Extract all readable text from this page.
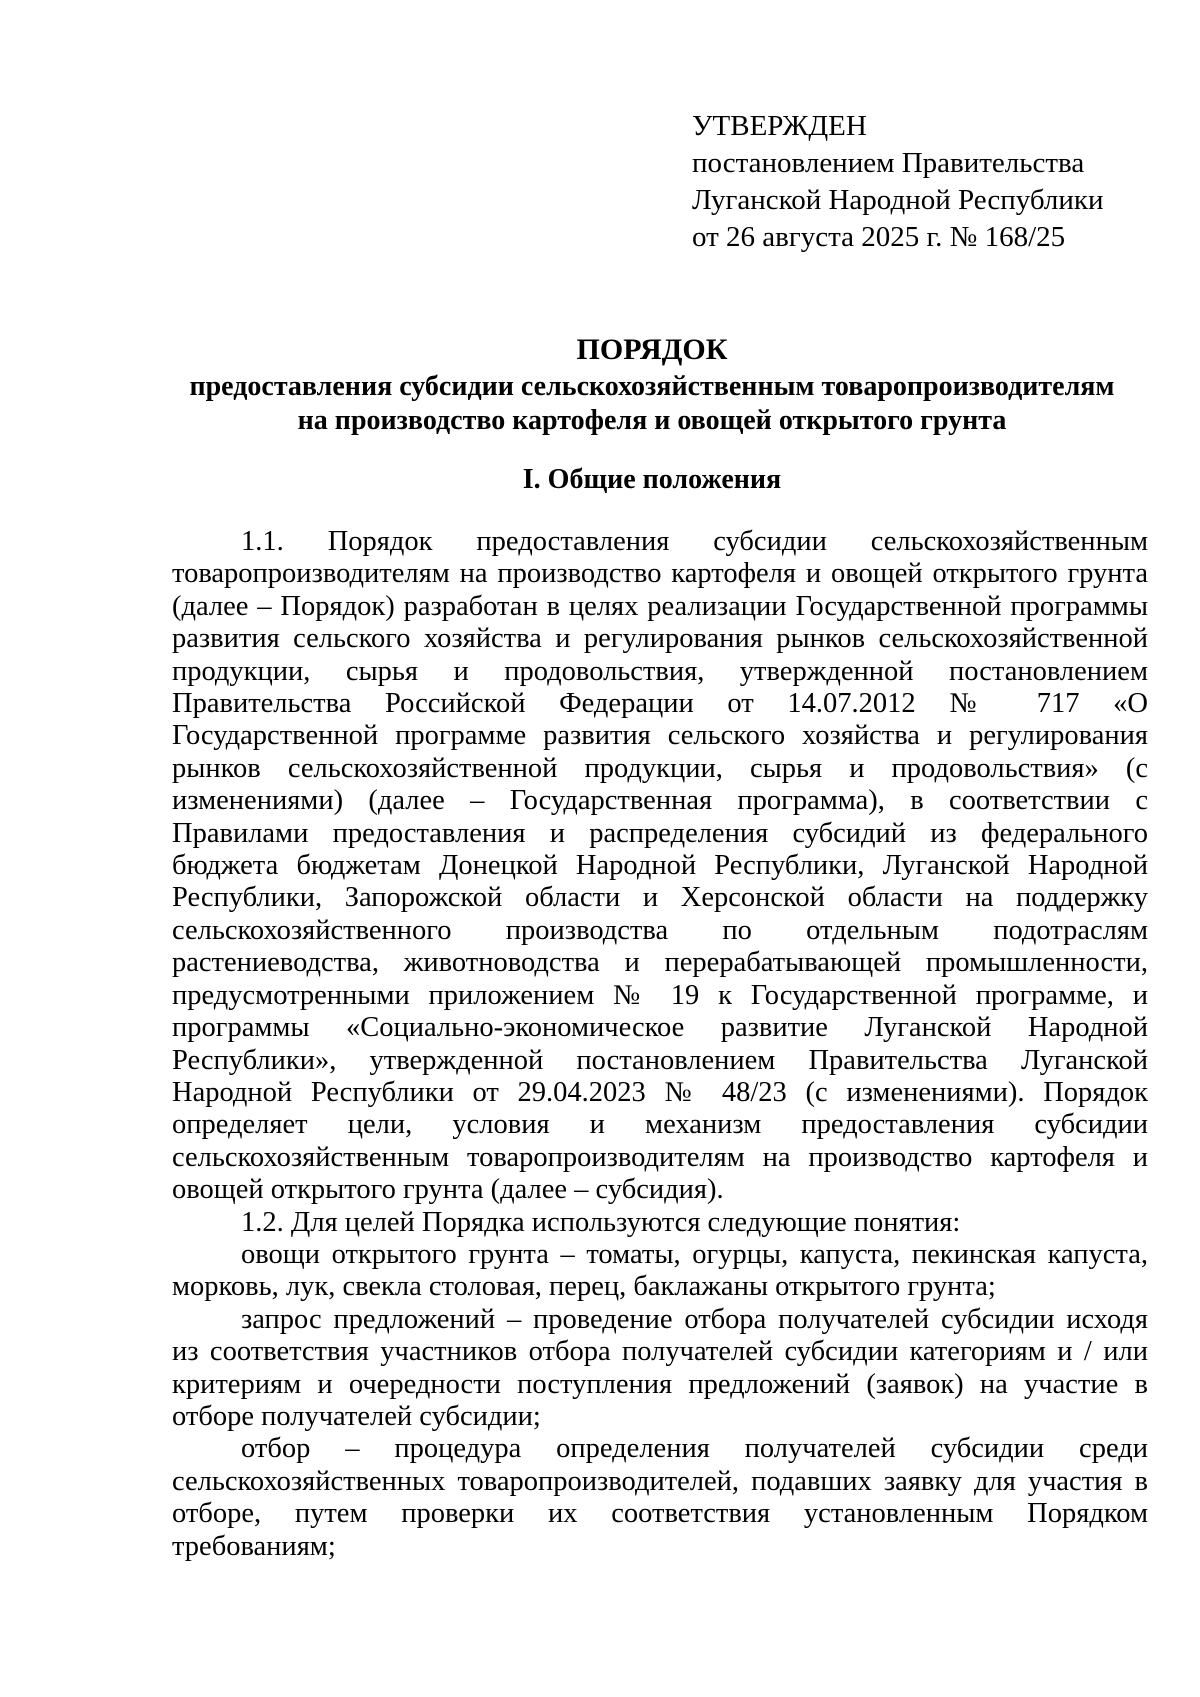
УТВЕРЖДЕН
постановлением Правительства
Луганской Народной Республики
от 26 августа 2025 г. № 168/25
ПОРЯДОК
предоставления субсидии сельскохозяйственным товаропроизводителям
на производство картофеля и овощей открытого грунта
I. Общие положения

1.1. Порядок предоставления субсидии сельскохозяйственным товаропроизводителям на производство картофеля и овощей открытого грунта (далее – Порядок) разработан в целях реализации Государственной программы развития сельского хозяйства и регулирования рынков сельскохозяйственной продукции, сырья и продовольствия, утвержденной постановлением Правительства Российской Федерации от 14.07.2012 № 717 «О Государственной программе развития сельского хозяйства и регулирования рынков сельскохозяйственной продукции, сырья и продовольствия» (с изменениями) (далее – Государственная программа), в соответствии с Правилами предоставления и распределения субсидий из федерального бюджета бюджетам Донецкой Народной Республики, Луганской Народной Республики, Запорожской области и Херсонской области на поддержку сельскохозяйственного производства по отдельным подотраслям растениеводства, животноводства и перерабатывающей промышленности, предусмотренными приложением № 19 к Государственной программе, и программы «Социально-экономическое развитие Луганской Народной Республики», утвержденной постановлением Правительства Луганской Народной Республики от 29.04.2023 № 48/23 (с изменениями). Порядок определяет цели, условия и механизм предоставления субсидии сельскохозяйственным товаропроизводителям на производство картофеля и овощей открытого грунта (далее – субсидия).

1.2. Для целей Порядка используются следующие понятия:

овощи открытого грунта – томаты, огурцы, капуста, пекинская капуста, морковь, лук, свекла столовая, перец, баклажаны открытого грунта;

запрос предложений – проведение отбора получателей субсидии исходя из соответствия участников отбора получателей субсидии категориям и / или критериям и очередности поступления предложений (заявок) на участие в отборе получателей субсидии;

отбор – процедура определения получателей субсидии среди сельскохозяйственных товаропроизводителей, подавших заявку для участия в отборе, путем проверки их соответствия установленным Порядком требованиям;
